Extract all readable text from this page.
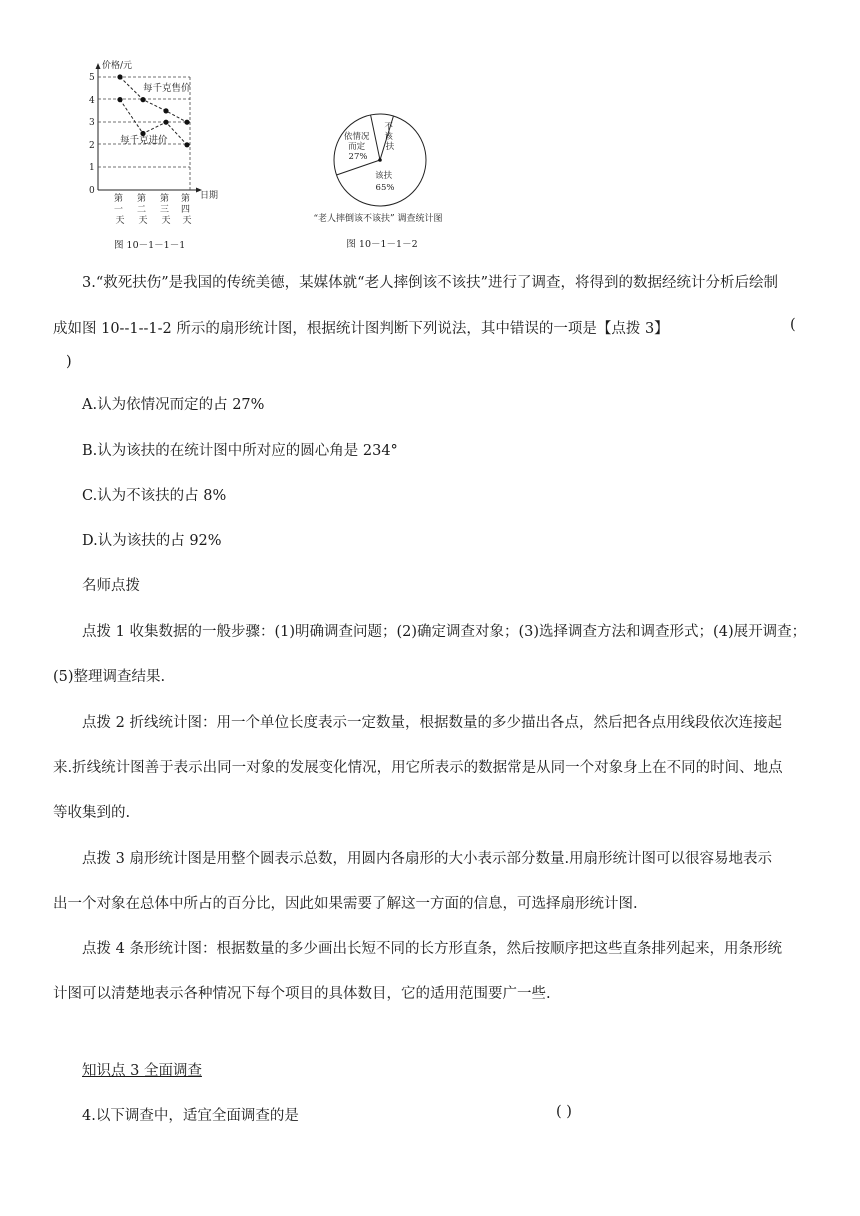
价格/元
日期
5
4
3
2
1
0
第 一 天
第 二 天
第 三 天
第 四 天
每千克售价
每千克进价
图 10－1－1－1
不 该 扶
依情况 而定 27%
该扶 65%
“老人摔倒该不该扶” 调查统计图
图 10－1－1－2
3.“救死扶伤”是我国的传统美德，某媒体就“老人摔倒该不该扶”进行了调查，将得到的数据经统计分析后绘制
成如图 10--1--1-2 所示的扇形统计图，根据统计图判断下列说法，其中错误的一项是【点拨 3】	(
)
A.认为依情况而定的占 27%
B.认为该扶的在统计图中所对应的圆心角是 234°
C.认为不该扶的占 8%
D.认为该扶的占 92%
名师点拨
点拨 1 收集数据的一般步骤：(1)明确调查问题；(2)确定调查对象；(3)选择调查方法和调查形式；(4)展开调查；
(5)整理调查结果.
点拨 2 折线统计图：用一个单位长度表示一定数量，根据数量的多少描出各点，然后把各点用线段依次连接起
来.折线统计图善于表示出同一对象的发展变化情况，用它所表示的数据常是从同一个对象身上在不同的时间、地点
等收集到的.
点拨 3 扇形统计图是用整个圆表示总数，用圆内各扇形的大小表示部分数量.用扇形统计图可以很容易地表示
出一个对象在总体中所占的百分比，因此如果需要了解这一方面的信息，可选择扇形统计图.
点拨 4 条形统计图：根据数量的多少画出长短不同的长方形直条，然后按顺序把这些直条排列起来，用条形统
计图可以清楚地表示各种情况下每个项目的具体数目，它的适用范围要广一些.
知识点 3 全面调查
4.以下调查中，适宜全面调查的是	( )
